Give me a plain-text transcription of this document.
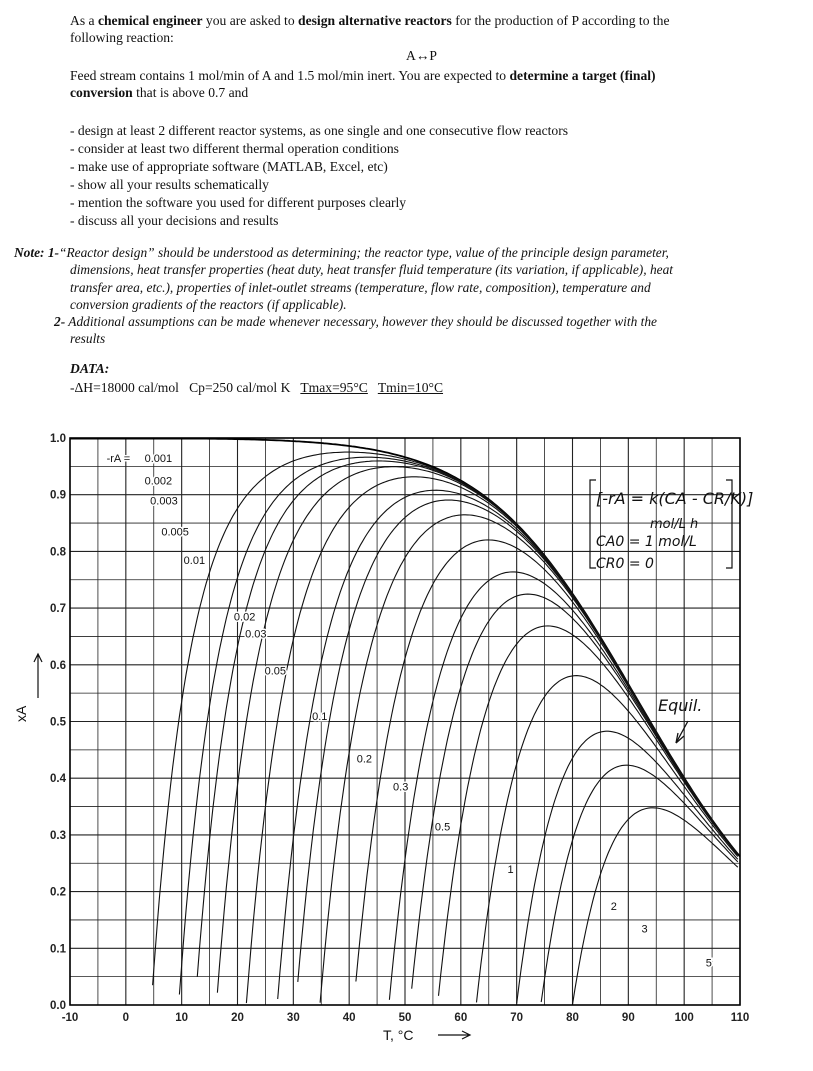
As a chemical engineer you are asked to design alternative reactors for the production of P according to the
following reaction:
A↔P
Feed stream contains 1 mol/min of A and 1.5 mol/min inert. You are expected to determine a target (final)
conversion that is above 0.7 and
- design at least 2 different reactor systems, as one single and one consecutive flow reactors
- consider at least two different thermal operation conditions
- make use of appropriate software (MATLAB, Excel, etc)
- show all your results schematically
- mention the software you used for different purposes clearly
- discuss all your decisions and results
Note: 1-“Reactor design” should be understood as determining; the reactor type, value of the principle design parameter,
dimensions, heat transfer properties (heat duty, heat transfer fluid temperature (its variation, if applicable), heat
transfer area, etc.), properties of inlet-outlet streams (temperature, flow rate, composition), temperature and
conversion gradients of the reactors (if applicable).
2- Additional assumptions can be made whenever necessary, however they should be discussed together with the
results
DATA:
-ΔH=18000 cal/mol Cp=250 cal/mol K Tmax=95°C Tmin=10°C
0.001
0.002
0.003
0.005
0.01
0.02
0.03
0.05
0.1
0.2
0.3
0.5
1
2
3
5
-rA =
-10	0	10	20	30	40	50	60	70	80	90	100	110
0.0
0.1
0.2
0.3
0.4
0.5
0.6
0.7
0.8
0.9
1.0
[-rA = k(CA - CR/K)]
mol/L h
CA0 = 1 mol/L
CR0 = 0
Equil.
xA
T, °C
